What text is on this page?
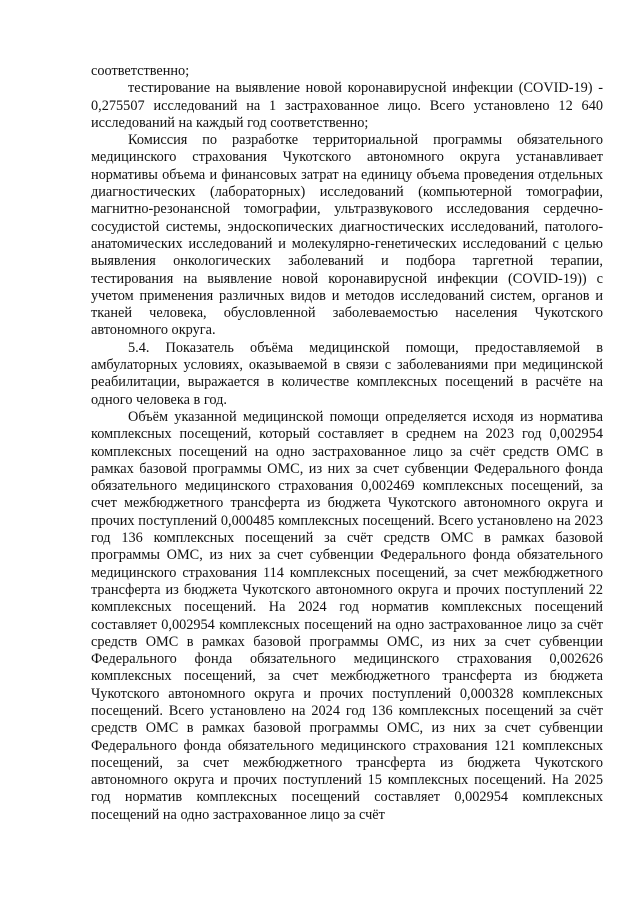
соответственно;

тестирование на выявление новой коронавирусной инфекции (COVID-19) - 0,275507 исследований на 1 застрахованное лицо. Всего установлено 12 640 исследований на каждый год соответственно;

Комиссия по разработке территориальной программы обязательного медицинского страхования Чукотского автономного округа устанавливает нормативы объема и финансовых затрат на единицу объема проведения отдельных диагностических (лабораторных) исследований (компьютерной томографии, магнитно-резонансной томографии, ультразвукового исследования сердечно-сосудистой системы, эндоскопических диагностических исследований, патолого-анатомических исследований и молекулярно-генетических исследований с целью выявления онкологических заболеваний и подбора таргетной терапии, тестирования на выявление новой коронавирусной инфекции (COVID-19)) с учетом применения различных видов и методов исследований систем, органов и тканей человека, обусловленной заболеваемостью населения Чукотского автономного округа.

5.4. Показатель объёма медицинской помощи, предоставляемой в амбулаторных условиях, оказываемой в связи с заболеваниями при медицинской реабилитации, выражается в количестве комплексных посещений в расчёте на одного человека в год.

Объём указанной медицинской помощи определяется исходя из норматива комплексных посещений, который составляет в среднем на 2023 год 0,002954 комплексных посещений на одно застрахованное лицо за счёт средств ОМС в рамках базовой программы ОМС, из них за счет субвенции Федерального фонда обязательного медицинского страхования 0,002469 комплексных посещений, за счет межбюджетного трансферта из бюджета Чукотского автономного округа и прочих поступлений 0,000485 комплексных посещений. Всего установлено на 2023 год 136 комплексных посещений за счёт средств ОМС в рамках базовой программы ОМС, из них за счет субвенции Федерального фонда обязательного медицинского страхования 114 комплексных посещений, за счет межбюджетного трансферта из бюджета Чукотского автономного округа и прочих поступлений 22 комплексных посещений. На 2024 год норматив комплексных посещений составляет 0,002954 комплексных посещений на одно застрахованное лицо за счёт средств ОМС в рамках базовой программы ОМС, из них за счет субвенции Федерального фонда обязательного медицинского страхования 0,002626 комплексных посещений, за счет межбюджетного трансферта из бюджета Чукотского автономного округа и прочих поступлений 0,000328 комплексных посещений. Всего установлено на 2024 год 136 комплексных посещений за счёт средств ОМС в рамках базовой программы ОМС, из них за счет субвенции Федерального фонда обязательного медицинского страхования 121 комплексных посещений, за счет межбюджетного трансферта из бюджета Чукотского автономного округа и прочих поступлений 15 комплексных посещений. На 2025 год норматив комплексных посещений составляет 0,002954 комплексных посещений на одно застрахованное лицо за счёт
